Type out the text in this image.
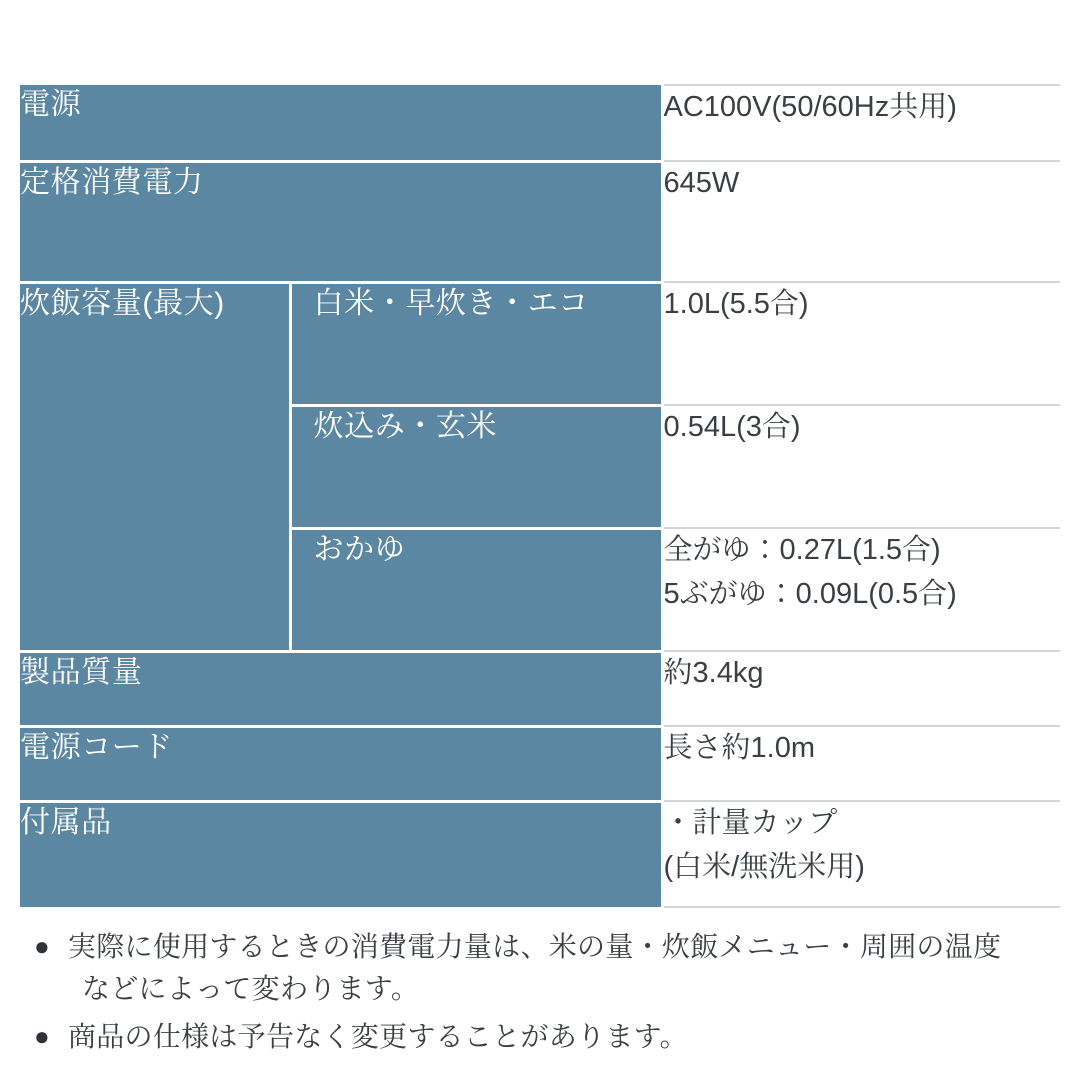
電源		AC100V(50/60Hz共用)

定格消費電力		645W

炊飯容量(最大)	白米・早炊き・エコ	1.0L(5.5合)

	炊込み・玄米	0.54L(3合)

	おかゆ	全がゆ：0.27L(1.5合)
5ぶがゆ：0.09L(0.5合)

製品質量		約3.4kg

電源コード		長さ約1.0m

付属品		・計量カップ
(白米/無洗米用)
● 実際に使用するときの消費電力量は、米の量・炊飯メニュー・周囲の温度
などによって変わります。
● 商品の仕様は予告なく変更することがあります。
